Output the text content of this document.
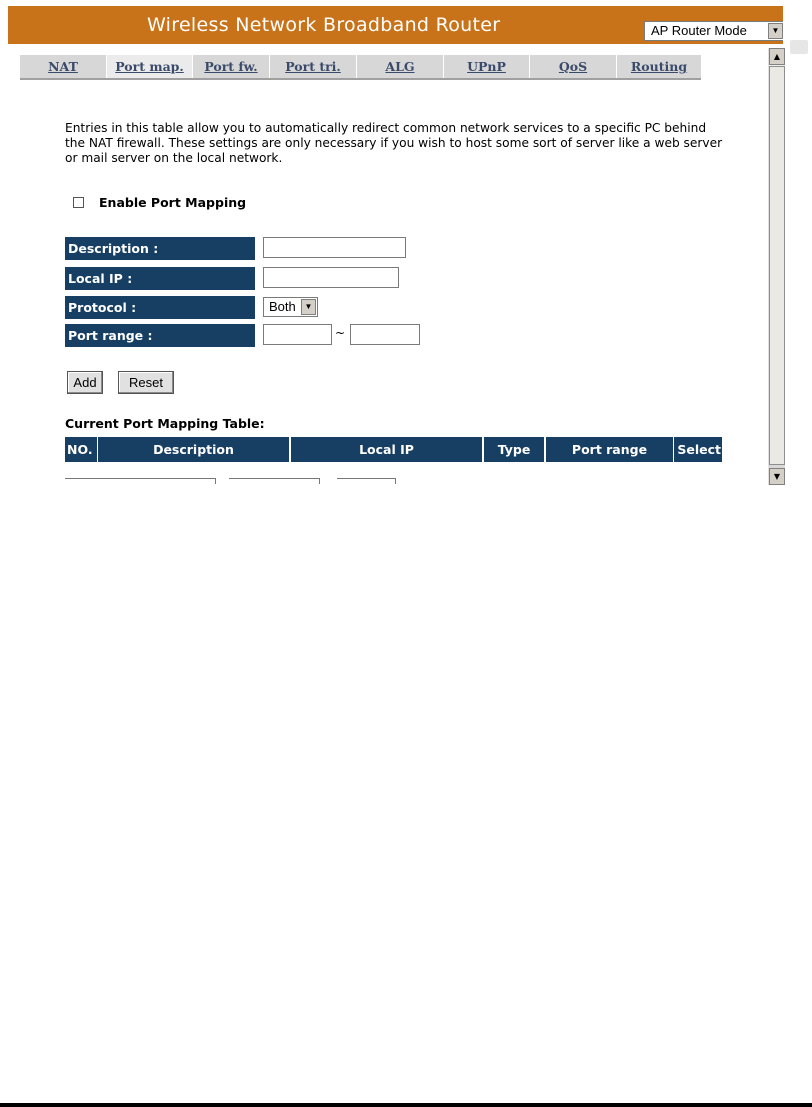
Wireless Network Broadband Router	AP Router Mode	▼
▲
▼
NAT	Port map.	Port fw.	Port tri.	ALG	UPnP	QoS	Routing
Entries in this table allow you to automatically redirect common network services to a specific PC behind the NAT firewall. These settings are only necessary if you wish to host some sort of server like a web server or mail server on the local network.
Enable Port Mapping
Description :
Local IP :
Protocol :	Both	▼
Port range :	~
Add	Reset
Current Port Mapping Table:
NO.	Description	Local IP	Type	Port range	Select
